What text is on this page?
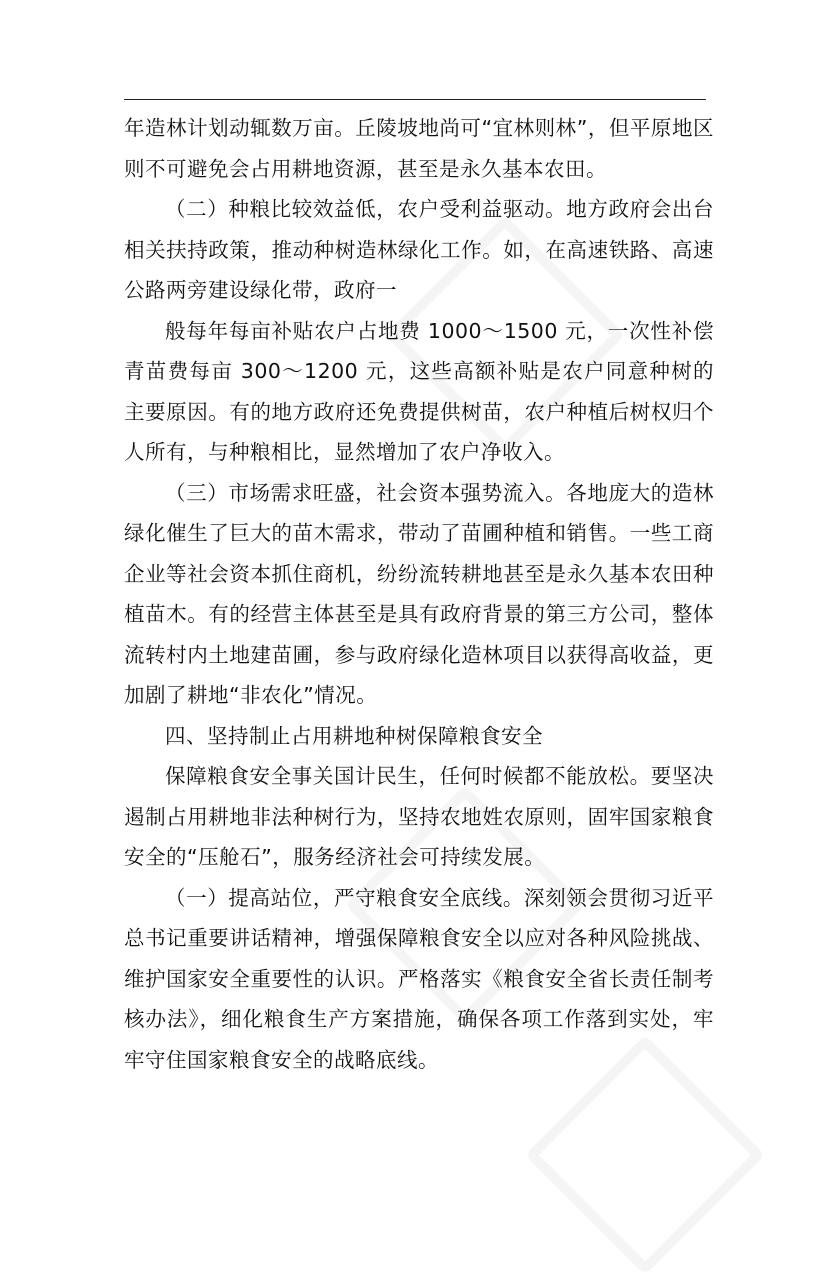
年造林计划动辄数万亩。丘陵坡地尚可“宜林则林”，但平原地区则不可避免会占用耕地资源，甚至是永久基本农田。

（二）种粮比较效益低，农户受利益驱动。地方政府会出台相关扶持政策，推动种树造林绿化工作。如，在高速铁路、高速公路两旁建设绿化带，政府一

般每年每亩补贴农户占地费 1000～1500 元，一次性补偿青苗费每亩 300～1200 元，这些高额补贴是农户同意种树的主要原因。有的地方政府还免费提供树苗，农户种植后树权归个人所有，与种粮相比，显然增加了农户净收入。

（三）市场需求旺盛，社会资本强势流入。各地庞大的造林绿化催生了巨大的苗木需求，带动了苗圃种植和销售。一些工商企业等社会资本抓住商机，纷纷流转耕地甚至是永久基本农田种植苗木。有的经营主体甚至是具有政府背景的第三方公司，整体流转村内土地建苗圃，参与政府绿化造林项目以获得高收益，更加剧了耕地“非农化”情况。

四、坚持制止占用耕地种树保障粮食安全

保障粮食安全事关国计民生，任何时候都不能放松。要坚决遏制占用耕地非法种树行为，坚持农地姓农原则，固牢国家粮食安全的“压舱石”，服务经济社会可持续发展。

（一）提高站位，严守粮食安全底线。深刻领会贯彻习近平总书记重要讲话精神，增强保障粮食安全以应对各种风险挑战、维护国家安全重要性的认识。严格落实《粮食安全省长责任制考核办法》，细化粮食生产方案措施，确保各项工作落到实处，牢牢守住国家粮食安全的战略底线。
